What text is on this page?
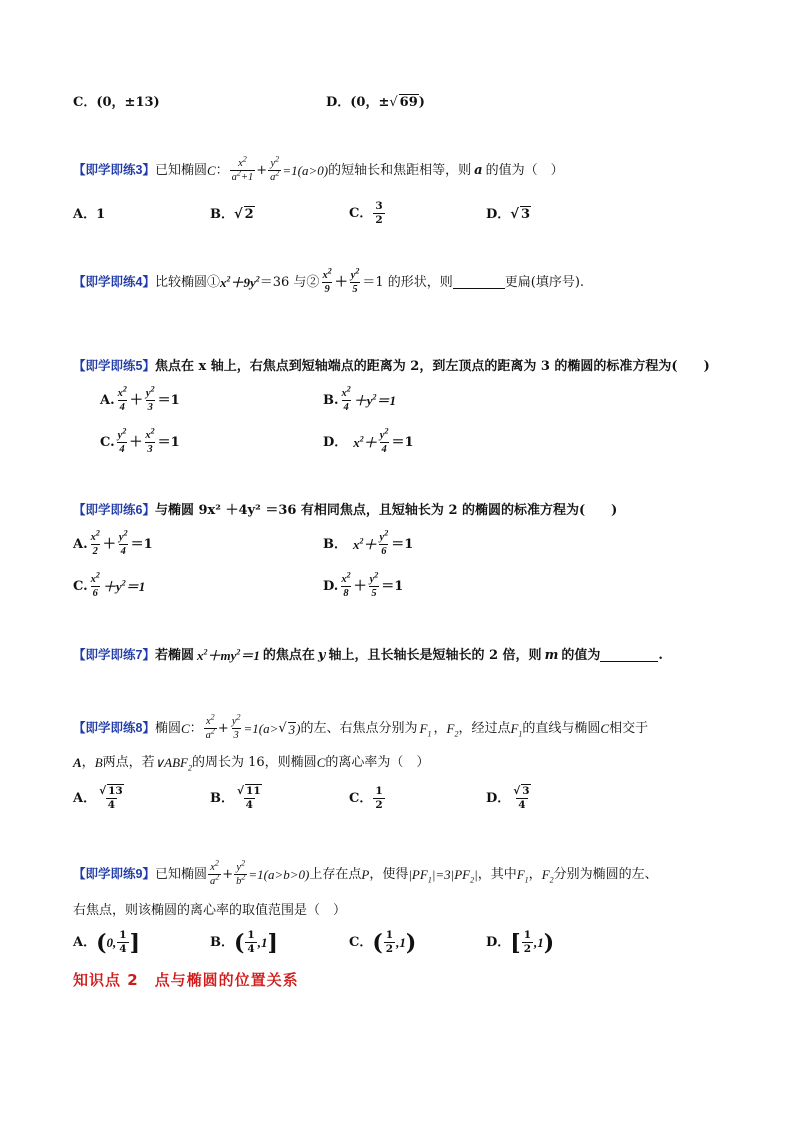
C．(0，±13)	D．(0，±√ 69)
【即学即练3】 已知椭圆 C ： $\frac{x^2}{a^2+1} + \frac{y^2}{a^2} =1(a>0)$ 的短轴长和焦距相等，则 a 的值为（　）
A．1	B．√ 2	C． $\frac{3}{2}$	D．√ 3
【即学即练4】 比较椭圆① $x^2+9y^2 =36$ 与② $\frac{x^2}{9} + \frac{y^2}{5} =1$ 的形状，则	更扁(填序号).
【即学即练5】焦点在 x 轴上，右焦点到短轴端点的距离为 2，到左顶点的距离为 3 的椭圆的标准方程为(　　)
A. $\frac{x^2}{4} + \frac{y^2}{3} =1$	B. $\frac{x^2}{4} +y^2=1$
C. $\frac{y^2}{4} + \frac{x^2}{3} =1$	D． $x^2+ \frac{y^2}{4} =1$
【即学即练6】与椭圆 9x² ＋4y² ＝36 有相同焦点，且短轴长为 2 的椭圆的标准方程为(　　)
A. $\frac{x^2}{2} + \frac{y^2}{4} =1$	B． $x^2+ \frac{y^2}{6} =1$
C. $\frac{x^2}{6} +y^2=1$	D. $\frac{x^2}{8} + \frac{y^2}{5} =1$
【即学即练7】 若椭圆 $x^2+my^2=1$ 的焦点在 y 轴上，且长轴长是短轴长的 2 倍，则 m 的值为	.
【即学即练8】 椭圆 C ： $\frac{x^2}{a^2} + \frac{y^2}{3} =1(a>$ √ 3 ) 的左、右焦点分别为 $F_1$ ， $F_2$ ，经过点 $F_1$ 的直线与椭圆 C 相交于
A ， B 两点，若 $\vee ABF_2$ 的周长为 16，则椭圆 C 的离心率为（　）
A． $\frac{√ 13}{4}$	B． $\frac{√ 11}{4}$	C． $\frac{1}{2}$	D． $\frac{√ 3}{4}$
【即学即练9】 已知椭圆 $\frac{x^2}{a^2} + \frac{y^2}{b^2} =1(a>b>0)$ 上存在点 P ，使得 $|PF_1|=3|PF_2|$ ，其中 $F_1$ ， $F_2$ 分别为椭圆的左、
右焦点，则该椭圆的离心率的取值范围是（　）
A． ( 0, $\frac{1}{4}$ ]	B． ( $\frac{1}{4} ,1$ ]	C． ( $\frac{1}{2} ,1$ )	D． [ $\frac{1}{2} ,1$ )
知识点 2　点与椭圆的位置关系
